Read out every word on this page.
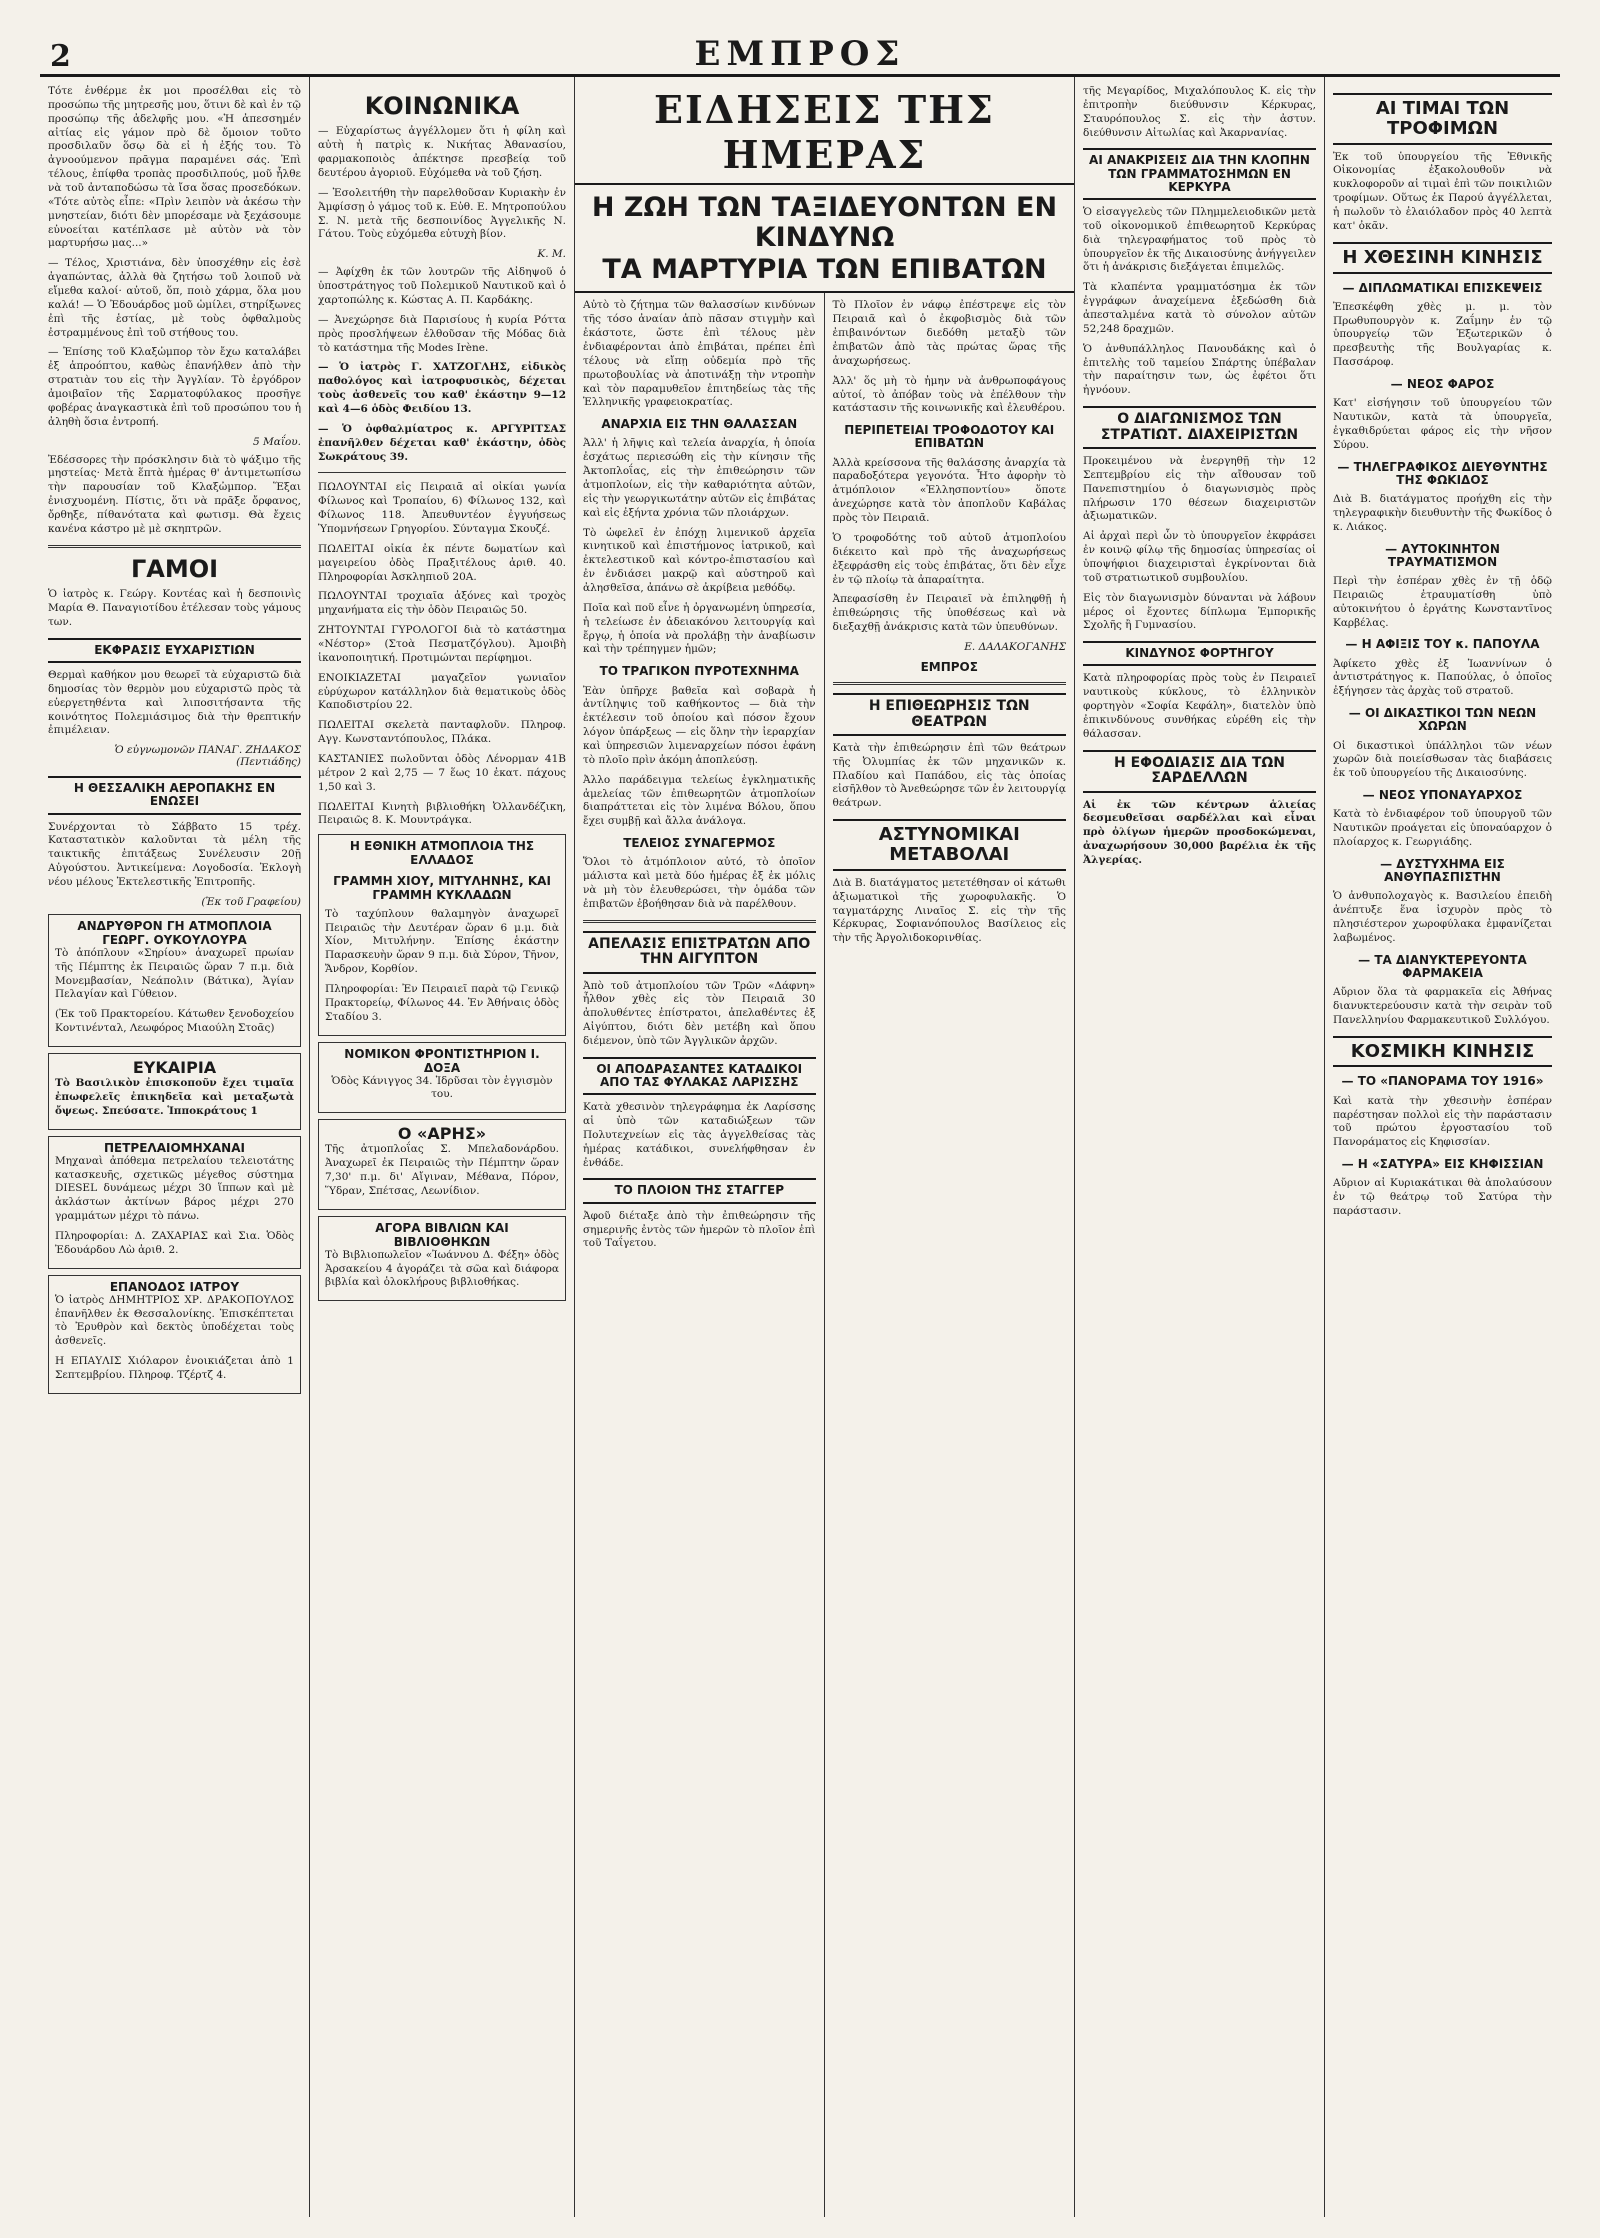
2	ΕΜΠΡΟΣ

Τότε ἐνθέρμε ἐκ μοι προσέλθαι εἰς τὸ προσώπω τῆς μητρεσῆς μου, ὅτινι δὲ καὶ ἐν τῷ προσώπῳ τῆς ἀδελφῆς μου. «Ἡ ἀπεσσημέν αἰτίας εἰς γάμον πρὸ δὲ ὄμοιον τοῦτο προσδιλαῦν ὅσῳ δὰ εἰ ἡ ἐξής του. Τὸ ἀγνοούμενον πρᾶγμα παραμένει σάς. Ἐπὶ τέλους, ἐπίφθα τροπὰς προσδιλπούς, μοῦ ἦλθε νὰ τοῦ ἀνταποδώσω τὰ ἴσα ὅσας προσεδόκων. «Τότε αὐτὸς εἶπε: «Πρὶν λειπὸν νὰ ἀκέσω τὴν μνηστείαν, διότι δὲν μπορέσαμε νὰ ξεχάσουμε εὐνοείται κατέπλασε μὲ αὐτὸν νὰ τὸν μαρτυρήσω μας...»

— Τέλος, Χριστιάνα, δὲν ὑποσχέθην εἰς ἐσὲ ἀγαπώντας, ἀλλὰ θὰ ζητήσω τοῦ λοιποῦ νὰ εἴμεθα καλοί· αὐτοῦ, ὅπ, ποιὸ χάρμα, ὅλα μου καλά! — Ὁ Ἐδουάρδος μοῦ ὡμίλει, στηρίξωνες ἐπὶ τῆς ἑστίας, μὲ τοὺς ὀφθαλμοὺς ἐστραμμένους ἐπὶ τοῦ στήθους του.

— Ἐπίσης τοῦ Κλαξὠμπορ τὸν ἔχω καταλάβει ἐξ ἀπροόπτου, καθὼς ἐπανήλθεν ἀπὸ τὴν στρατιὰν του εἰς τὴν Ἀγγλίαν. Τὸ ἐργόδρον ἀμοιβαῖον τῆς Σαρματοφύλακος προσῆγε φοβέρας ἀναγκαστικὰ ἐπὶ τοῦ προσώπου του ἡ ἀληθὴ ὅσια ἐντροπή.

5 Μαΐου.

Ἐδέσσορες τὴν πρόσκλησιν διὰ τὸ ψάξιμο τῆς μηστείας· Μετὰ ἕπτὰ ἡμέρας θ' ἀντιμετωπίσω τὴν παρουσίαν τοῦ Κλαξὠμπορ. Ἕξαι ἐνισχυομένη. Πίστις, ὅτι νὰ πρᾶξε ὄρφανος, ὄρθηξε, πίθανότατα καὶ φωτισμ. Θὰ ἔχεις κανένα κάστρο μὲ μὲ σκηπτρῶν.

ΓΑΜΟΙ

Ὁ ἰατρὸς κ. Γεώργ. Κοντέας καὶ ἡ δεσποινὶς Μαρία Θ. Παναγιοτίδου ἐτέλεσαν τοὺς γάμους των.

ΕΚΦΡΑΣΙΣ ΕΥΧΑΡΙΣΤΙΩΝ

Θερμαὶ καθήκον μου θεωρεῖ τὰ εὐχαριστῶ διὰ δημοσίας τὸν θερμὸν μου εὐχαριστῶ πρὸς τὰ εὐεργετηθέντα καὶ λιποσιτήσαντα τῆς κοινότητος Πολεμιάσιμος διὰ τὴν θρεπτικήν ἐπιμέλειαν.

Ὁ εὐγνωμονῶν ΠΑΝΑΓ. ΖΗΔΑΚΟΣ (Πεντιάδης)
Η ΘΕΣΣΑΛΙΚΗ ΑΕΡΟΠΑΚΗΣ ΕΝ ΕΝΩΣΕΙ

Συνέρχονται τὸ Σάββατο 15 τρέχ. Καταστατικὸν καλοῦνται τὰ μέλη τῆς ταικτικῆς ἐπιτάξεως Συνέλευσιν 20ῇ Αὐγούστου. Ἀντικείμενα: Λογοδοσία. Ἐκλογὴ νέου μέλους Ἐκτελεστικῆς Ἐπιτροπῆς.

(Ἐκ τοῦ Γραφείου)
ΑΝΔΡΥΘΡΟΝ ΓΗ ΑΤΜΟΠΛΟΙΑ ΓΕΩΡΓ. ΟΥΚΟΥΛΟΥΡΑ

Τὸ ἀπόπλουν «Σηρίου» ἀναχωρεῖ πρωίαν τῆς Πέμπτης ἐκ Πειραιῶς ὥραν 7 π.μ. διὰ Μονεμβασίαν, Νεάπολιν (Βάτικα), Ἁγίαν Πελαγίαν καὶ Γύθειον.

(Ἐκ τοῦ Πρακτορείου. Κάτωθεν ξενοδοχείου Κοντινένταλ, Λεωφόρος Μιαούλη Στοᾶς)

ΕΥΚΑΙΡΙΑ

Τὸ Βασιλικὸν ἐπισκοποῦν ἔχει τιμαῖα ἐπωφελεῖς ἐπικηδεῖα καὶ μεταξωτὰ ὄψεως. Σπεύσατε. Ἱπποκράτους 1

ΠΕΤΡΕΛΑΙΟΜΗΧΑΝΑΙ

Μηχαναὶ ἀπόθεμα πετρελαίου τελειοτάτης κατασκευῆς, σχετικῶς μέγεθος σύστημα DIESEL δυνάμεως μέχρι 30 ἵππων καὶ μὲ ἀκλάστων ἀκτίνων βάρος μέχρι 270 γραμμάτων μέχρι τὸ πάνω.

Πληροφορίαι: Δ. ΖΑΧΑΡΙΑΣ καὶ Σια. Ὁδὸς Ἐδουάρδου Λὼ ἀριθ. 2.

ΕΠΑΝΟΔΟΣ ΙΑΤΡΟΥ

Ὁ ἰατρὸς ΔΗΜΗΤΡΙΟΣ ΧΡ. ΔΡΑΚΟΠΟΥΛΟΣ ἐπανῆλθεν ἐκ Θεσσαλονίκης. Ἐπισκέπτεται τὸ Ἐρυθρὸν καὶ δεκτὸς ὑποδέχεται τοὺς ἀσθενεῖς.

Η ΕΠΑΥΛΙΣ Χιόλαρον ἐνοικιάζεται ἀπὸ 1 Σεπτεμβρίου. Πληροφ. Τζέρτζ 4.

ΚΟΙΝΩΝΙΚΑ

— Εὐχαρίστως ἀγγέλλομεν ὅτι ἡ φίλη καὶ αὐτὴ ἡ πατρὶς κ. Νικήτας Ἀθανασίου, φαρμακοποιὸς ἀπέκτησε πρεσβείᾳ τοῦ δευτέρου ἀγοριοῦ. Εὐχόμεθα νὰ τοῦ ζήση.

— Ἐσολειτήθη τὴν παρελθοῦσαν Κυριακὴν ἐν Ἀμφίσσῃ ὁ γάμος τοῦ κ. Εὐθ. Ε. Μητροπούλου Σ. Ν. μετὰ τῆς δεσποινίδος Ἀγγελικῆς Ν. Γάτου. Τοὺς εὐχόμεθα εὐτυχὴ βίον.

Κ. Μ.

— Ἀφίχθη ἐκ τῶν λουτρῶν τῆς Αἰδηψοῦ ὁ ὑποστράτηγος τοῦ Πολεμικοῦ Ναυτικοῦ καὶ ὁ χαρτοπώλης κ. Κώστας Α. Π. Καρδάκης.

— Ἀνεχώρησε διὰ Παρισίους ἡ κυρία Ρόττα πρὸς προσλήψεων ἐλθοῦσαν τῆς Μόδας διὰ τὸ κατάστημα τῆς Modes Irène.

— Ὁ ἰατρὸς Γ. ΧΑΤΖΟΓΛΗΣ, εἰδικὸς παθολόγος καὶ ἰατροφυσικὸς, δέχεται τοὺς ἀσθενεῖς του καθ' ἑκάστην 9—12 καὶ 4—6 ὁδὸς Φειδίου 13.

— Ὁ ὀφθαλμίατρος κ. ΑΡΓΥΡΙΤΣΑΣ ἐπανῆλθεν δέχεται καθ' ἑκάστην, ὁδὸς Σωκράτους 39.

ΠΩΛΟΥΝΤΑΙ εἰς Πειραιᾶ αἱ οἰκίαι γωνία Φίλωνος καὶ Τροπαίου, 6) Φίλωνος 132, καὶ Φίλωνος 118. Ἀπευθυντέον ἐγγυήσεως Ὑπομνήσεων Γρηγορίου. Σύνταγμα Σκουζέ.

ΠΩΛΕΙΤΑΙ οἰκία ἐκ πέντε δωματίων καὶ μαγειρείου ὁδὸς Πραξιτέλους ἀριθ. 40. Πληροφορίαι Ἀσκληπιοῦ 20Α.

ΠΩΛΟΥΝΤΑΙ τροχιαῖα ἀξόνες καὶ τροχὸς μηχανήματα εἰς τὴν ὁδὸν Πειραιῶς 50.

ΖΗΤΟΥΝΤΑΙ ΓΥΡΟΛΟΓΟΙ διὰ τὸ κατάστημα «Νέστορ» (Στοὰ Πεσματζόγλου). Ἀμοιβὴ ἱκανοποιητική. Προτιμώνται περίφημοι.

ΕΝΟΙΚΙΑΖΕΤΑΙ μαγαζεῖον γωνιαῖον εὐρύχωρον κατάλληλον διὰ θεματικοὺς ὁδὸς Καποδιστρίου 22.

ΠΩΛΕΙΤΑΙ σκελετὰ πανταφλοῦν. Πληροφ. Αγγ. Κωνσταντόπουλος, Πλάκα.

ΚΑΣΤΑΝΙΕΣ πωλοῦνται ὁδὸς Λένορμαν 41Β μέτρον 2 καὶ 2,75 — 7 ἕως 10 ἐκατ. πάχους 1,50 καὶ 3.

ΠΩΛΕΙΤΑΙ Κινητὴ βιβλιοθήκη Ὀλλανδέζικη, Πειραιῶς 8. Κ. Μουντράγκα.

Η ΕΘΝΙΚΗ ΑΤΜΟΠΛΟΙΑ ΤΗΣ ΕΛΛΑΔΟΣ
ΓΡΑΜΜΗ ΧΙΟΥ, ΜΙΤΥΛΗΝΗΣ, ΚΑΙ ΓΡΑΜΜΗ ΚΥΚΛΑΔΩΝ

Τὸ ταχύπλουν θαλαμηγὸν ἀναχωρεῖ Πειραιῶς τὴν Δευτέραν ὥραν 6 μ.μ. διὰ Χίον, Μιτυλήνην. Ἐπίσης ἑκάστην Παρασκευὴν ὥραν 9 π.μ. διὰ Σύρον, Τῆνον, Ἄνδρον, Κορθίον.

Πληροφορίαι: Ἐν Πειραιεῖ παρὰ τῷ Γενικῷ Πρακτορείῳ, Φίλωνος 44. Ἐν Ἀθήναις ὁδὸς Σταδίου 3.

ΝΟΜΙΚΟΝ ΦΡΟΝΤΙΣΤΗΡΙΟΝ Ι. ΔΟΞΑ

Ὁδὸς Κάνιγγος 34. Ἱδρῦσαι τὸν ἑγγισμὸν του.

Ο «ΑΡΗΣ»

Τῆς ἀτμοπλοΐας Σ. Μπελαδονάρδου. Ἀναχωρεῖ ἐκ Πειραιῶς τὴν Πέμπτην ὥραν 7,30' π.μ. δι' Αἴγιναν, Μέθανα, Πόρον, Ὕδραν, Σπέτσας, Λεωνίδιον.

ΑΓΟΡΑ ΒΙΒΛΙΩΝ ΚΑΙ ΒΙΒΛΙΟΘΗΚΩΝ

Τὸ Βιβλιοπωλεῖον «Ἰωάννου Δ. Φέξη» ὁδὸς Ἀρσακείου 4 ἀγοράζει τὰ σῶα καὶ διάφορα βιβλία καὶ ὁλοκλήρους βιβλιοθήκας.

ΕΙΔΗΣΕΙΣ ΤΗΣ ΗΜΕΡΑΣ
Η ΖΩΗ ΤΩΝ ΤΑΞΙΔΕΥΟΝΤΩΝ ΕΝ ΚΙΝΔΥΝΩ
ΤΑ ΜΑΡΤΥΡΙΑ ΤΩΝ ΕΠΙΒΑΤΩΝ

Αὐτὸ τὸ ζήτημα τῶν θαλασσίων κινδύνων τῆς τόσο ἀναίαν ἀπὸ πᾶσαν στιγμὴν καὶ ἐκάστοτε, ὥστε ἐπὶ τέλους μὲν ἐνδιαφέρονται ἀπὸ ἐπιβάται, πρέπει ἐπὶ τέλους νὰ εἴπῃ οὐδεμία πρὸ τῆς πρωτοβουλίας νὰ ἀποτινάξῃ τὴν ντροπὴν καὶ τὸν παραμυθεῖον ἐπιτηδείως τὰς τῆς Ἑλληνικῆς γραφειοκρατίας.

ΑΝΑΡΧΙΑ ΕΙΣ ΤΗΝ ΘΑΛΑΣΣΑΝ

Ἀλλ' ἡ λῆψις καὶ τελεία ἀναρχία, ἡ ὁποία ἐσχάτως περιεσώθη εἰς τὴν κίνησιν τῆς Ἀκτοπλοΐας, εἰς τὴν ἐπιθεώρησιν τῶν ἀτμοπλοίων, εἰς τὴν καθαριότητα αὐτῶν, εἰς τὴν γεωργικωτάτην αὐτῶν εἰς ἐπιβάτας καὶ εἰς ἐξήντα χρόνια τῶν πλοιάρχων.

Τὸ ὠφελεῖ ἐν ἐπόχῃ λιμενικοῦ ἀρχεῖα κινητικοῦ καὶ ἐπιστήμονος ἰατρικοῦ, καὶ ἐκτελεστικοῦ καὶ κόντρο-ἐπιστασίου καὶ ἐν ἐνδιάσει μακρῷ καὶ αὐστηροῦ καὶ ἀλησθεῖσα, ἀπάνω σὲ ἀκρίβεια μεθόδῳ.

Ποῖα καὶ ποῦ εἶνε ἡ ὀργανωμένη ὑπηρεσία, ἡ τελείωσε ἐν ἀδειακόνου λειτουργίᾳ καὶ ἔργῳ, ἡ ὁποία νὰ προλάβῃ τὴν ἀναβίωσιν καὶ τὴν τρέπηγμεν ἡμῶν;

ΤΟ ΤΡΑΓΙΚΟΝ ΠΥΡΟΤΕΧΝΗΜΑ

Ἐὰν ὑπῆρχε βαθεῖα καὶ σοβαρὰ ἡ ἀντίληψις τοῦ καθήκοντος — διὰ τὴν ἐκτέλεσιν τοῦ ὁποίου καὶ πόσον ἔχουν λόγον ὑπάρξεως — εἰς ὅλην τὴν ἰεραρχίαν καὶ ὑπηρεσιῶν λιμεναρχείων πόσοι ἐφάνη τὸ πλοῖο πρὶν ἀκόμη ἀποπλεύσῃ.

Ἀλλο παράδειγμα τελείως ἐγκληματικῆς ἀμελείας τῶν ἐπιθεωρητῶν ἀτμοπλοίων διαπράττεται εἰς τὸν λιμένα Βόλου, ὅπου ἔχει συμβῇ καὶ ἄλλα ἀνάλογα.

ΤΕΛΕΙΟΣ ΣΥΝΑΓΕΡΜΟΣ

Ὅλοι τὸ ἀτμόπλοιον αὐτό, τὸ ὁποῖον μάλιστα καὶ μετὰ δύο ἡμέρας ἐξ ἐκ μόλις νὰ μὴ τὸν ἐλευθερώσει, τὴν ὁμάδα τῶν ἐπιβατῶν ἐβοήθησαν διὰ νὰ παρέλθουν.

ΑΠΕΛΑΣΙΣ ΕΠΙΣΤΡΑΤΩΝ ΑΠΟ ΤΗΝ ΑΙΓΥΠΤΟΝ

Ἀπὸ τοῦ ἀτμοπλοίου τῶν Τρῶν «Δάφνη» ἦλθον χθὲς εἰς τὸν Πειραιᾶ 30 ἀπολυθέντες ἐπίστρατοι, ἀπελαθέντες ἐξ Αἰγύπτου, διότι δὲν μετέβη καὶ ὅπου διέμενον, ὑπὸ τῶν Ἀγγλικῶν ἀρχῶν.

ΟΙ ΑΠΟΔΡΑΣΑΝΤΕΣ ΚΑΤΑΔΙΚΟΙ ΑΠΟ ΤΑΣ ΦΥΛΑΚΑΣ ΛΑΡΙΣΣΗΣ

Κατὰ χθεσινὸν τηλεγράφημα ἐκ Λαρίσσης αἱ ὑπὸ τῶν καταδιώξεων τῶν Πολυτεχνείων εἰς τὰς ἀγγελθείσας τὰς ἡμέρας κατάδικοι, συνελήφθησαν ἐν ἐνθάδε.

ΤΟ ΠΛΟΙΟΝ ΤΗΣ ΣΤΑΓΓΕΡ

Ἀφοῦ διέταξε ἀπὸ τὴν ἐπιθεώρησιν τῆς σημερινῆς ἐντὸς τῶν ἡμερῶν τὸ πλοῖον ἐπὶ τοῦ Ταΐγετου.

Τὸ Πλοῖον ἐν νάφῳ ἐπέστρεψε εἰς τὸν Πειραιᾶ καὶ ὁ ἐκφοβισμὸς διὰ τῶν ἐπιβαινόντων διεδόθη μεταξὺ τῶν ἐπιβατῶν ἀπὸ τὰς πρώτας ὥρας τῆς ἀναχωρήσεως.

Ἀλλ' ὅς μὴ τὸ ἠμην νὰ ἀνθρωποφάγους αὐτοί, τὸ ἀπόβαν τοὺς νὰ ἐπέλθουν τὴν κατάστασιν τῆς κοινωνικῆς καὶ ἐλευθέρου.

ΠΕΡΙΠΕΤΕΙΑΙ ΤΡΟΦΟΔΟΤΟΥ ΚΑΙ ΕΠΙΒΑΤΩΝ

Ἀλλὰ κρείσσονα τῆς θαλάσσης ἀναρχία τὰ παραδοξότερα γεγονότα. Ἦτο ἀφορὴν τὸ ἀτμόπλοιον «Ἐλλησποντίου» ὅποτε ἀνεχώρησε κατὰ τὸν ἀποπλοῦν Καβάλας πρὸς τὸν Πειραιᾶ.

Ὁ τροφοδότης τοῦ αὐτοῦ ἀτμοπλοίου διέκειτο καὶ πρὸ τῆς ἀναχωρήσεως ἐξεφράσθη εἰς τοὺς ἐπιβάτας, ὅτι δὲν εἶχε ἐν τῷ πλοίῳ τὰ ἀπαραίτητα.

Ἀπεφασίσθη ἐν Πειραιεῖ νὰ ἐπιληφθῇ ἡ ἐπιθεώρησις τῆς ὑποθέσεως καὶ νὰ διεξαχθῇ ἀνάκρισις κατὰ τῶν ὑπευθύνων.

Ε. ΔΑΛΑΚΟΓΑΝΗΣ
ΕΜΠΡΟΣ
Η ΕΠΙΘΕΩΡΗΣΙΣ ΤΩΝ ΘΕΑΤΡΩΝ

Κατὰ τὴν ἐπιθεώρησιν ἐπὶ τῶν θεάτρων τῆς Ὀλυμπίας ἐκ τῶν μηχανικῶν κ. Πλαδίου καὶ Παπάδου, εἰς τὰς ὁποίας εἰσῆλθον τὸ Ἀνεθεώρησε τῶν ἐν λειτουργίᾳ θεάτρων.

ΑΣΤΥΝΟΜΙΚΑΙ ΜΕΤΑΒΟΛΑΙ

Διὰ Β. διατάγματος μετετέθησαν οἱ κάτωθι ἀξιωματικοὶ τῆς χωροφυλακῆς. Ὁ ταγματάρχης Λιναῖος Σ. εἰς τὴν τῆς Κέρκυρας, Σοφιανόπουλος Βασίλειος εἰς τὴν τῆς Ἀργολιδοκορινθίας.

τῆς Μεγαρίδος, Μιχαλόπουλος Κ. εἰς τὴν ἐπιτροπὴν διεύθυνσιν Κέρκυρας, Σταυρόπουλος Σ. εἰς τὴν ἀστυν. διεύθυνσιν Αἰτωλίας καὶ Ἀκαρνανίας.

ΑΙ ΑΝΑΚΡΙΣΕΙΣ ΔΙΑ ΤΗΝ ΚΛΟΠΗΝ ΤΩΝ ΓΡΑΜΜΑΤΟΣΗΜΩΝ ΕΝ ΚΕΡΚΥΡΑ

Ὁ εἰσαγγελεὺς τῶν Πλημμελειοδικῶν μετὰ τοῦ οἰκονομικοῦ ἐπιθεωρητοῦ Κερκύρας διὰ τηλεγραφήματος τοῦ πρὸς τὸ ὑπουργεῖον ἐκ τῆς Δικαιοσύνης ἀνήγγειλεν ὅτι ἡ ἀνάκρισις διεξάγεται ἐπιμελῶς.

Τὰ κλαπέντα γραμματόσημα ἐκ τῶν ἐγγράφων ἀναχείμενα ἐξεδώσθη διὰ ἀπεσταλμένα κατὰ τὸ σύνολον αὐτῶν 52,248 δραχμῶν.

Ὁ ἀνθυπάλληλος Πανουδάκης καὶ ὁ ἐπιτελὴς τοῦ ταμείου Σπάρτης ὑπέβαλαν τὴν παραίτησιν των, ὡς ἐφέτοι ὅτι ἠγνόουν.

Ο ΔΙΑΓΩΝΙΣΜΟΣ ΤΩΝ ΣΤΡΑΤΙΩΤ. ΔΙΑΧΕΙΡΙΣΤΩΝ

Προκειμένου νὰ ἐνεργηθῇ τὴν 12 Σεπτεμβρίου εἰς τὴν αἴθουσαν τοῦ Πανεπιστημίου ὁ διαγωνισμὸς πρὸς πλήρωσιν 170 θέσεων διαχειριστῶν ἀξιωματικῶν.

Αἱ ἀρχαὶ περὶ ὧν τὸ ὑπουργεῖον ἐκφράσει ἐν κοινῷ φίλῳ τῆς δημοσίας ὑπηρεσίας οἱ ὑποψήφιοι διαχειρισταὶ ἐγκρίνονται διὰ τοῦ στρατιωτικοῦ συμβουλίου.

Εἰς τὸν διαγωνισμὸν δύνανται νὰ λάβουν μέρος οἱ ἔχοντες δίπλωμα Ἐμπορικῆς Σχολῆς ἢ Γυμνασίου.

ΚΙΝΔΥΝΟΣ ΦΟΡΤΗΓΟΥ

Κατὰ πληροφορίας πρὸς τοὺς ἐν Πειραιεῖ ναυτικοὺς κύκλους, τὸ ἑλληνικὸν φορτηγὸν «Σοφία Κεφάλη», διατελὸν ὑπὸ ἐπικινδύνους συνθήκας εὑρέθη εἰς τὴν θάλασσαν.

Η ΕΦΟΔΙΑΣΙΣ ΔΙΑ ΤΩΝ ΣΑΡΔΕΛΛΩΝ

Αἱ ἐκ τῶν κέντρων ἁλιείας δεσμευθεῖσαι σαρδέλλαι καὶ εἶναι πρὸ ὀλίγων ἡμερῶν προσδοκώμεναι, ἀναχωρήσουν 30,000 βαρέλια ἐκ τῆς Ἀλγερίας.

ΑΙ ΤΙΜΑΙ ΤΩΝ ΤΡΟΦΙΜΩΝ

Ἐκ τοῦ ὑπουργείου τῆς Ἐθνικῆς Οἰκονομίας ἐξακολουθοῦν νὰ κυκλοφοροῦν αἱ τιμαὶ ἐπὶ τῶν ποικιλιῶν τροφίμων. Οὕτως ἐκ Παρού ἀγγέλλεται, ἡ πωλοῦν τὸ ἐλαιόλαδον πρὸς 40 λεπτὰ κατ' ὀκᾶν.

Η ΧΘΕΣΙΝΗ ΚΙΝΗΣΙΣ
— ΔΙΠΛΩΜΑΤΙΚΑΙ ΕΠΙΣΚΕΨΕΙΣ

Ἐπεσκέφθη χθὲς μ. μ. τὸν Πρωθυπουργὸν κ. Ζαΐμην ἐν τῷ ὑπουργείῳ τῶν Ἐξωτερικῶν ὁ πρεσβευτὴς τῆς Βουλγαρίας κ. Πασσάροφ.

— ΝΕΟΣ ΦΑΡΟΣ

Κατ' εἰσήγησιν τοῦ ὑπουργείου τῶν Ναυτικῶν, κατὰ τὰ ὑπουργεῖα, ἐγκαθιδρύεται φάρος εἰς τὴν νῆσον Σύρου.

— ΤΗΛΕΓΡΑΦΙΚΟΣ ΔΙΕΥΘΥΝΤΗΣ ΤΗΣ ΦΩΚΙΔΟΣ

Διὰ Β. διατάγματος προήχθη εἰς τὴν τηλεγραφικὴν διευθυντὴν τῆς Φωκίδος ὁ κ. Λιάκος.

— ΑΥΤΟΚΙΝΗΤΟΝ ΤΡΑΥΜΑΤΙΣΜΟΝ

Περὶ τὴν ἐσπέραν χθὲς ἐν τῇ ὁδῷ Πειραιῶς ἐτραυματίσθη ὑπὸ αὐτοκινήτου ὁ ἐργάτης Κωνσταντῖνος Καρβέλας.

— Η ΑΦΙΞΙΣ ΤΟΥ κ. ΠΑΠΟΥΛΑ

Ἀφίκετο χθὲς ἐξ Ἰωαννίνων ὁ ἀντιστράτηγος κ. Παπούλας, ὁ ὁποῖος ἐξήγησεν τὰς ἀρχὰς τοῦ στρατοῦ.

— ΟΙ ΔΙΚΑΣΤΙΚΟΙ ΤΩΝ ΝΕΩΝ ΧΩΡΩΝ

Οἱ δικαστικοὶ ὑπάλληλοι τῶν νέων χωρῶν διὰ ποιείσθωσαν τὰς διαβάσεις ἐκ τοῦ ὑπουργείου τῆς Δικαιοσύνης.

— ΝΕΟΣ ΥΠΟΝΑΥΑΡΧΟΣ

Κατὰ τὸ ἐνδιαφέρον τοῦ ὑπουργοῦ τῶν Ναυτικῶν προάγεται εἰς ὑποναύαρχον ὁ πλοίαρχος κ. Γεωργιάδης.

— ΔΥΣΤΥΧΗΜΑ ΕΙΣ ΑΝΘΥΠΑΣΠΙΣΤΗΝ

Ὁ ἀνθυπολοχαγὸς κ. Βασιλείου ἐπειδὴ ἀνέπτυξε ἕνα ἰσχυρὸν πρὸς τὸ πλησιέστερον χωροφύλακα ἐμφανίζεται λαβωμένος.

— ΤΑ ΔΙΑΝΥΚΤΕΡΕΥΟΝΤΑ ΦΑΡΜΑΚΕΙΑ

Αὔριον ὅλα τὰ φαρμακεῖα εἰς Ἀθήνας διανυκτερεύουσιν κατὰ τὴν σειρὰν τοῦ Πανελληνίου Φαρμακευτικοῦ Συλλόγου.

ΚΟΣΜΙΚΗ ΚΙΝΗΣΙΣ
— ΤΟ «ΠΑΝΟΡΑΜΑ ΤΟΥ 1916»

Καὶ κατὰ τὴν χθεσινὴν ἑσπέραν παρέστησαν πολλοὶ εἰς τὴν παράστασιν τοῦ πρώτου ἐργοστασίου τοῦ Πανοράματος εἰς Κηφισσίαν.

— Η «ΣΑΤΥΡΑ» ΕΙΣ ΚΗΦΙΣΣΙΑΝ

Αὔριον αἱ Κυριακάτικαι θὰ ἀπολαύσουν ἐν τῷ θεάτρῳ τοῦ Σατύρα τὴν παράστασιν.
